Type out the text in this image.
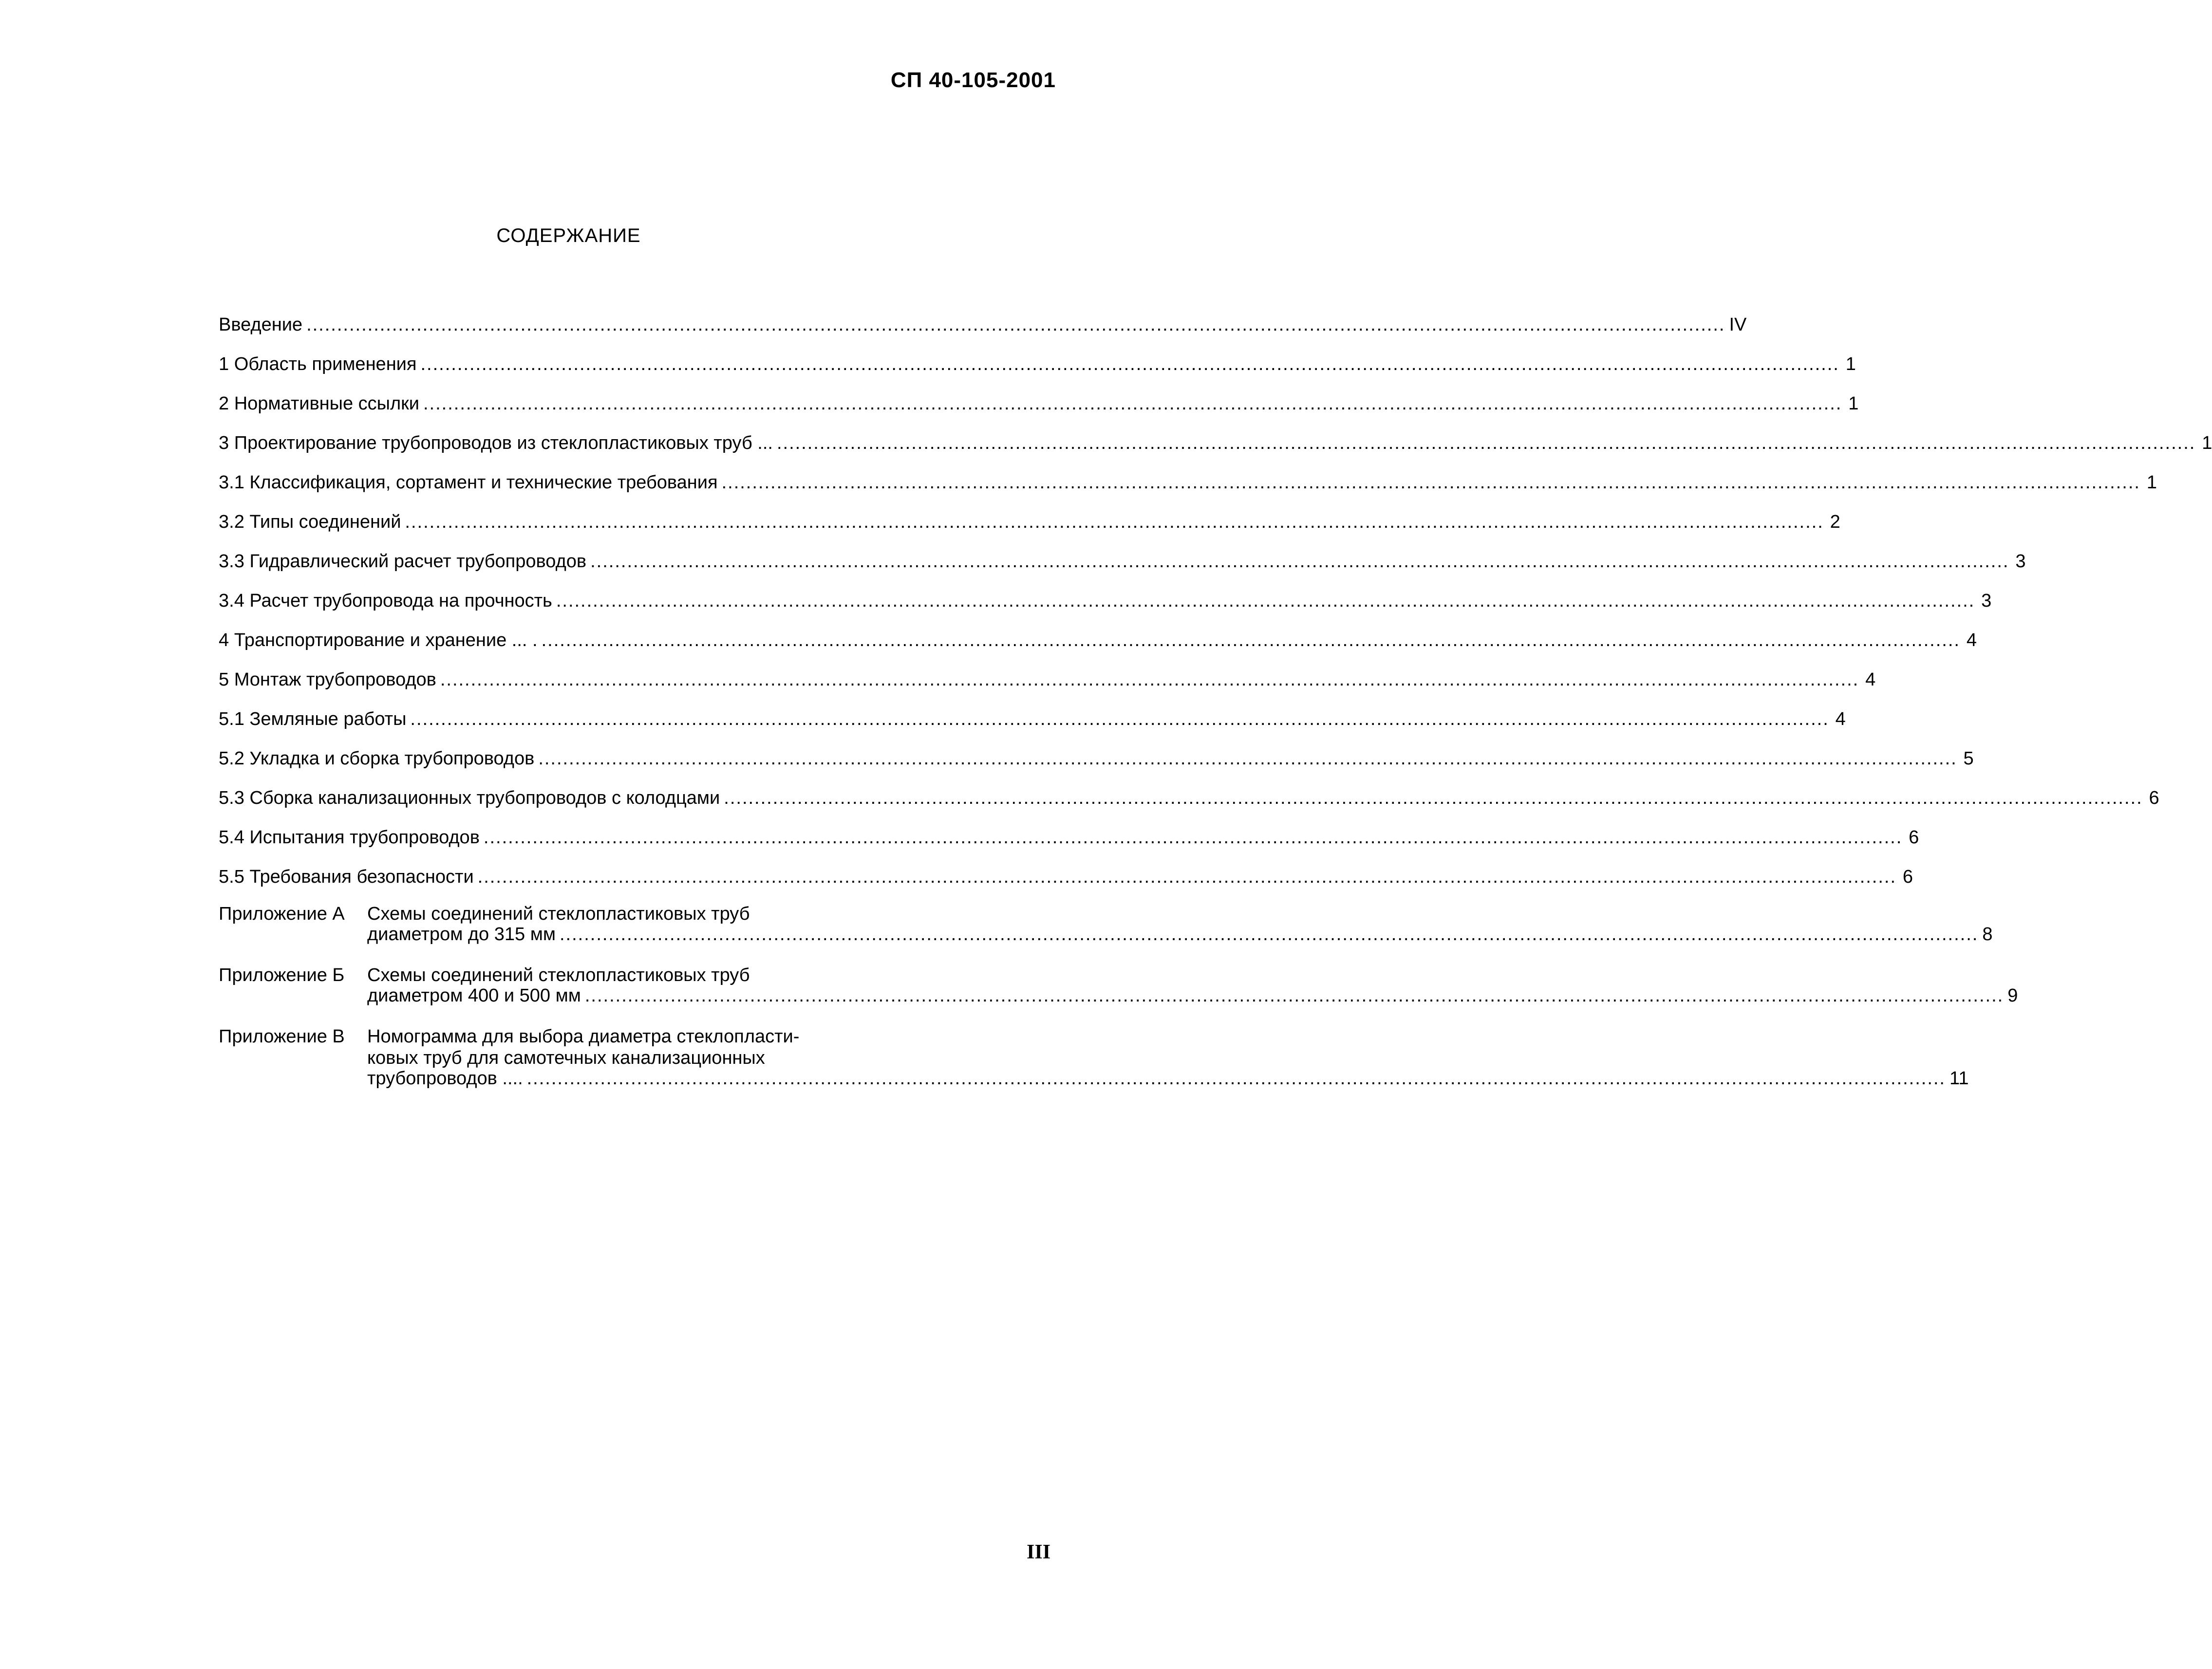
СП 40-105-2001
СОДЕРЖАНИЕ
Введение .....	IV
1 Область применения .....	1
2 Нормативные ссылки .....	1
3 Проектирование трубопроводов из стеклопластиковых труб ... .....	1
3.1 Классификация, сортамент и технические требования .....	1
3.2 Типы соединений .....	2
3.3 Гидравлический расчет трубопроводов .....	3
3.4 Расчет трубопровода на прочность .....	3
4 Транспортирование и хранение ... . .....	4
5 Монтаж трубопроводов .....	4
5.1 Земляные работы .....	4
5.2 Укладка и сборка трубопроводов .....	5
5.3 Сборка канализационных трубопроводов с колодцами .....	6
5.4 Испытания трубопроводов .....	6
5.5 Требования безопасности .....	6
Приложение А	Схемы соединений стеклопластиковых труб
диаметром до 315 мм .....	8
Приложение Б	Схемы соединений стеклопластиковых труб
диаметром 400 и 500 мм .....	9
Приложение В	Номограмма для выбора диаметра стеклопласти-
ковых труб для самотечных канализационных
трубопроводов .... .....	11
III
